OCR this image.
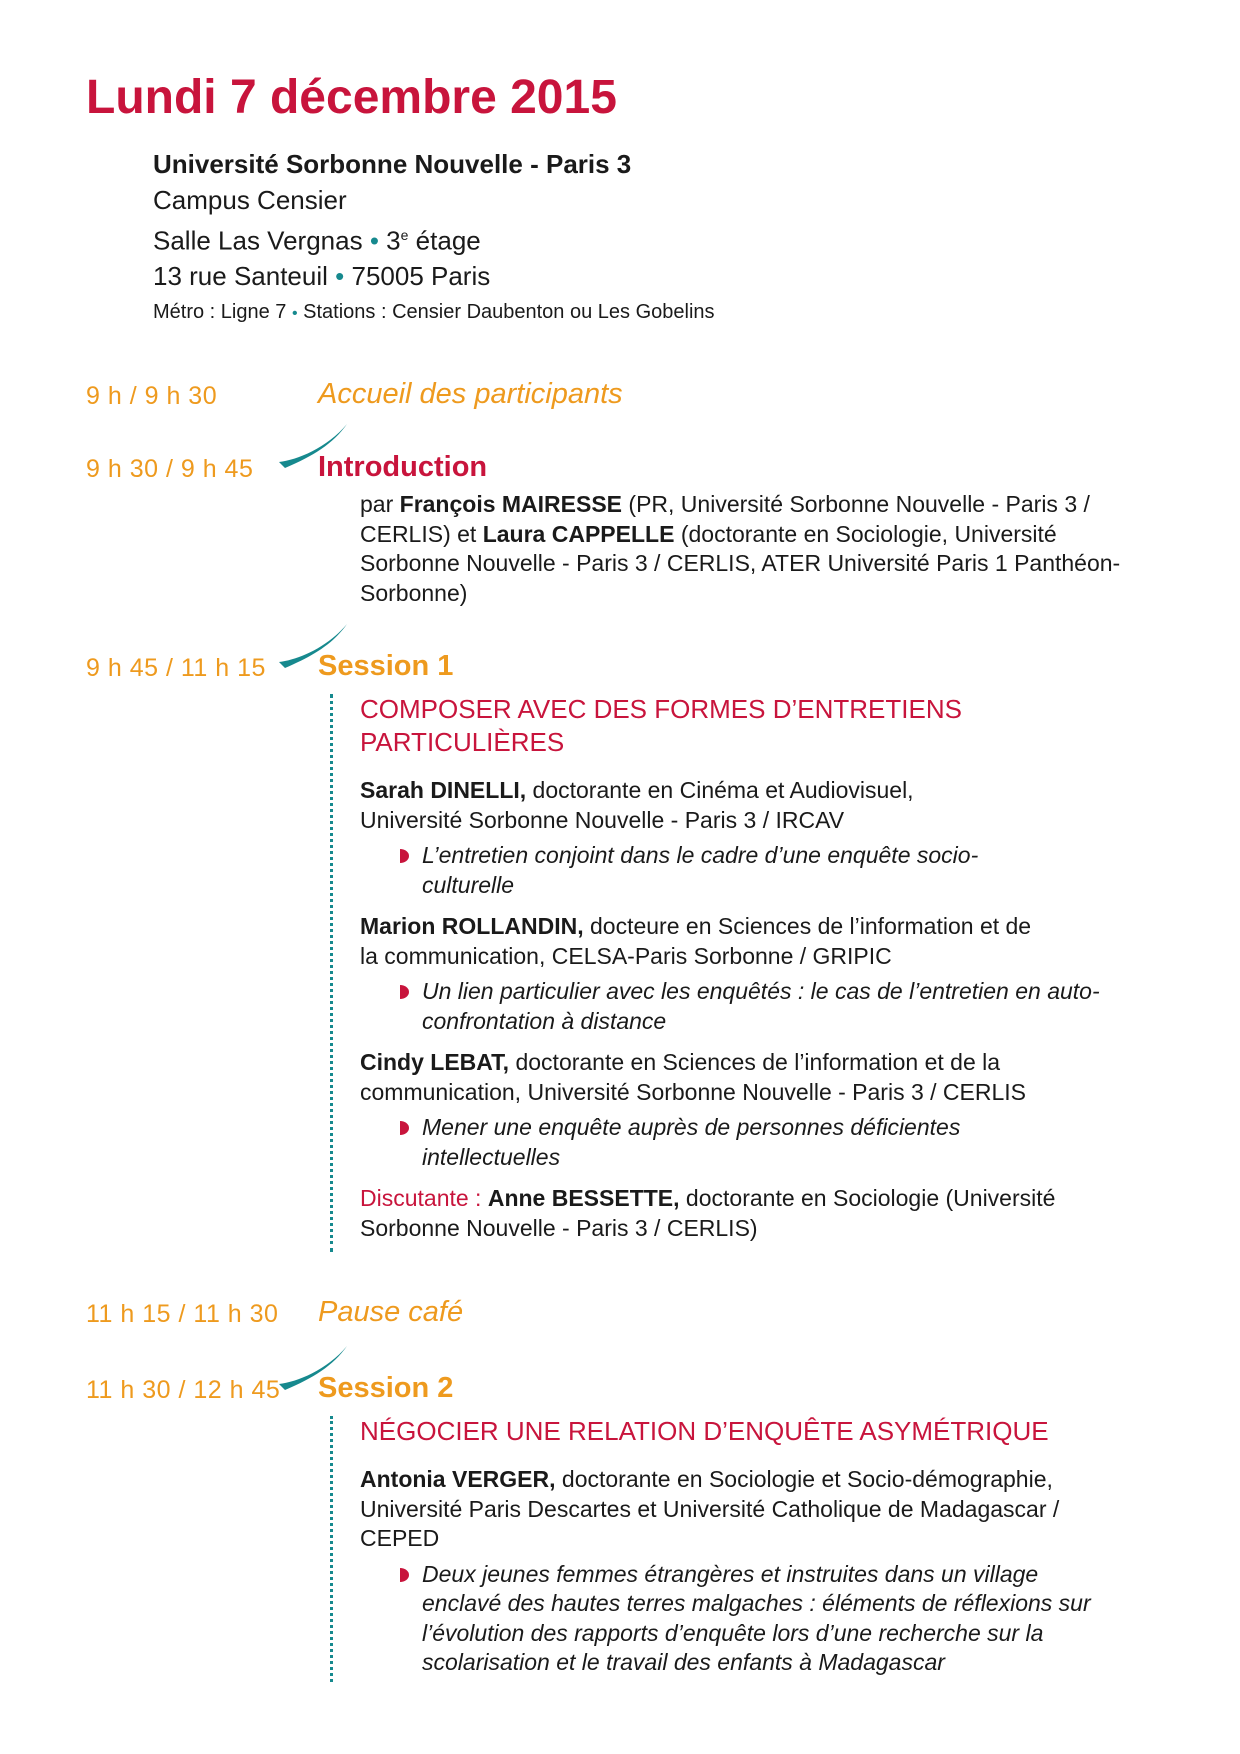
Lundi 7 décembre 2015
Université Sorbonne Nouvelle - Paris 3
Campus Censier
Salle Las Vergnas • 3e étage
13 rue Santeuil • 75005 Paris
Métro : Ligne 7 • Stations : Censier Daubenton ou Les Gobelins
9 h / 9 h 30	Accueil des participants
9 h 30 / 9 h 45 Introduction
par François MAIRESSE (PR, Université Sorbonne Nouvelle - Paris 3 / CERLIS) et Laura CAPPELLE (doctorante en Sociologie, Université Sorbonne Nouvelle - Paris 3 / CERLIS, ATER Université Paris 1 Panthéon-Sorbonne)
9 h 45 / 11 h 15 Session 1
COMPOSER AVEC DES FORMES D’ENTRETIENS PARTICULIÈRES
Sarah DINELLI, doctorante en Cinéma et Audiovisuel, Université Sorbonne Nouvelle - Paris 3 / IRCAV
L’entretien conjoint dans le cadre d’une enquête socio-culturelle
Marion ROLLANDIN, docteure en Sciences de l’information et de la communication, CELSA-Paris Sorbonne / GRIPIC
Un lien particulier avec les enquêtés : le cas de l’entretien en auto-confrontation à distance
Cindy LEBAT, doctorante en Sciences de l’information et de la communication, Université Sorbonne Nouvelle - Paris 3 / CERLIS
Mener une enquête auprès de personnes déficientes intellectuelles
Discutante : Anne BESSETTE, doctorante en Sociologie (Université Sorbonne Nouvelle - Paris 3 / CERLIS)
11 h 15 / 11 h 30 Pause café
11 h 30 / 12 h 45 Session 2
NÉGOCIER UNE RELATION D’ENQUÊTE ASYMÉTRIQUE
Antonia VERGER, doctorante en Sociologie et Socio-démographie, Université Paris Descartes et Université Catholique de Madagascar / CEPED
Deux jeunes femmes étrangères et instruites dans un village enclavé des hautes terres malgaches : éléments de réflexions sur l’évolution des rapports d’enquête lors d’une recherche sur la scolarisation et le travail des enfants à Madagascar
